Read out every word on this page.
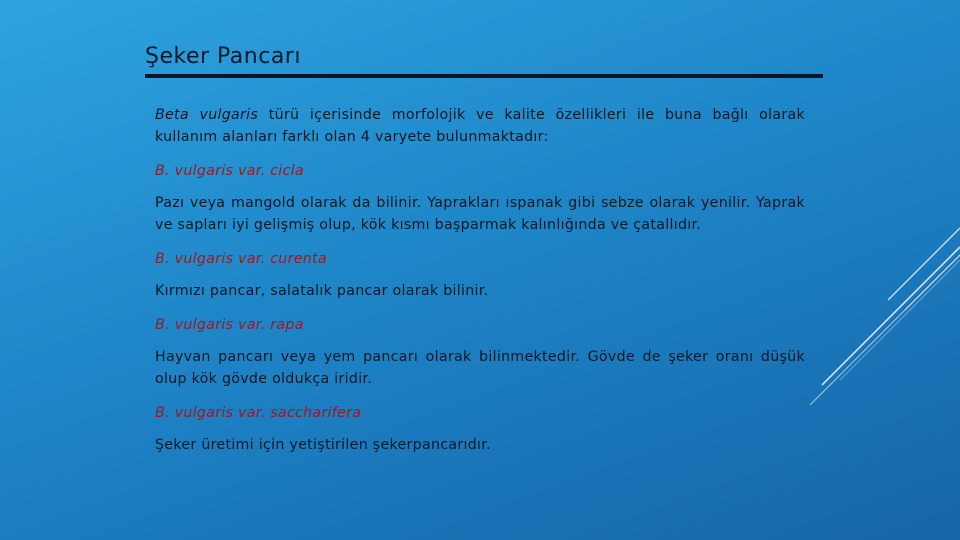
Şeker Pancarı

Beta vulgaris türü içerisinde morfolojik ve kalite özellikleri ile buna bağlı olarak kullanım alanları farklı olan 4 varyete bulunmaktadır:

B. vulgaris var. cicla

Pazı veya mangold olarak da bilinir. Yaprakları ıspanak gibi sebze olarak yenilir. Yaprak ve sapları iyi gelişmiş olup, kök kısmı başparmak kalınlığında ve çatallıdır.

B. vulgaris var. curenta

Kırmızı pancar, salatalık pancar olarak bilinir.

B. vulgaris var. rapa

Hayvan pancarı veya yem pancarı olarak bilinmektedir. Gövde de şeker oranı düşük olup kök gövde oldukça iridir.

B. vulgaris var. saccharifera

Şeker üretimi için yetiştirilen şekerpancarıdır.
